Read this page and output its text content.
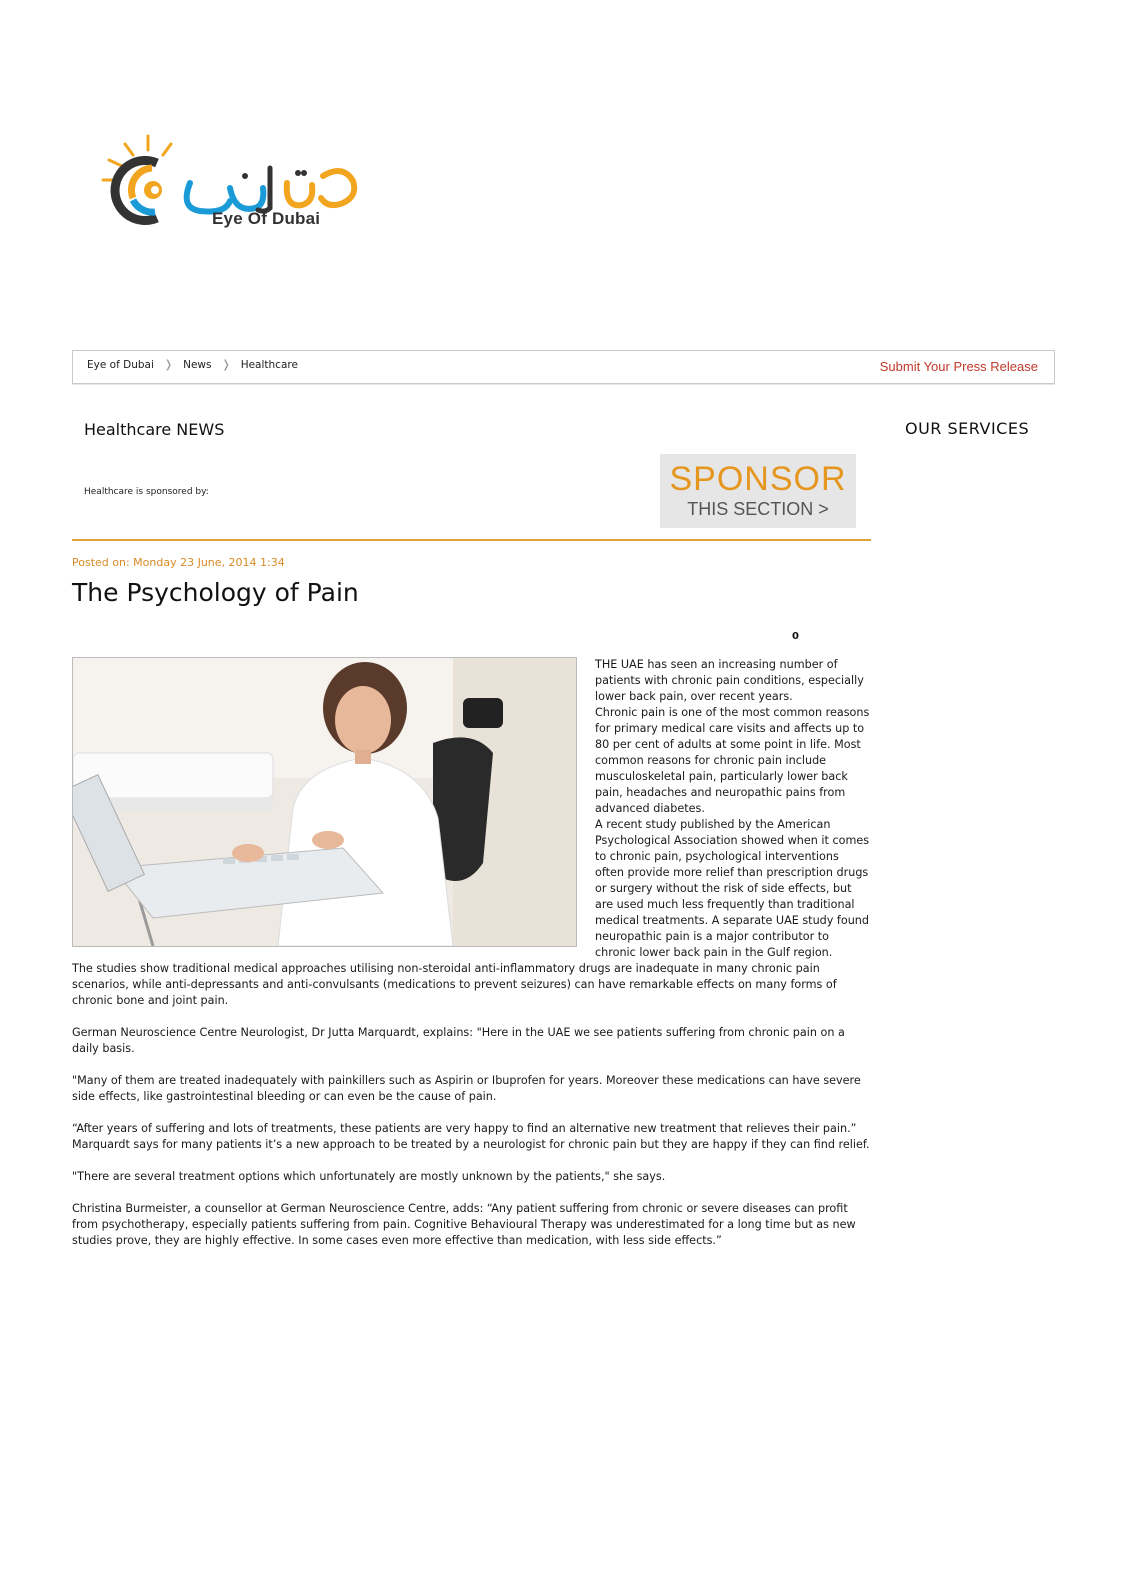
Eye Of Dubai
Eye of Dubai ❭ News ❭ Healthcare	Submit Your Press Release
Healthcare NEWS	OUR SERVICES
Healthcare is sponsored by:	SPONSOR
THIS SECTION >
Posted on: Monday 23 June, 2014 1:34
The Psychology of Pain
0

THE UAE has seen an increasing number of patients with chronic pain conditions, especially lower back pain, over recent years.

Chronic pain is one of the most common reasons for primary medical care visits and affects up to 80 per cent of adults at some point in life. Most common reasons for chronic pain include musculoskeletal pain, particularly lower back pain, headaches and neuropathic pains from advanced diabetes.

A recent study published by the American Psychological Association showed when it comes to chronic pain, psychological interventions often provide more relief than prescription drugs or surgery without the risk of side effects, but are used much less frequently than traditional medical treatments. A separate UAE study found neuropathic pain is a major contributor to chronic lower back pain in the Gulf region.

The studies show traditional medical approaches utilising non-steroidal anti-inflammatory drugs are inadequate in many chronic pain scenarios, while anti-depressants and anti-convulsants (medications to prevent seizures) can have remarkable effects on many forms of chronic bone and joint pain.

German Neuroscience Centre Neurologist, Dr Jutta Marquardt, explains: "Here in the UAE we see patients suffering from chronic pain on a daily basis.

"Many of them are treated inadequately with painkillers such as Aspirin or Ibuprofen for years. Moreover these medications can have severe side effects, like gastrointestinal bleeding or can even be the cause of pain.

“After years of suffering and lots of treatments, these patients are very happy to find an alternative new treatment that relieves their pain.” Marquardt says for many patients it’s a new approach to be treated by a neurologist for chronic pain but they are happy if they can find relief.

"There are several treatment options which unfortunately are mostly unknown by the patients," she says.

Christina Burmeister, a counsellor at German Neuroscience Centre, adds: “Any patient suffering from chronic or severe diseases can profit from psychotherapy, especially patients suffering from pain. Cognitive Behavioural Therapy was underestimated for a long time but as new studies prove, they are highly effective. In some cases even more effective than medication, with less side effects.”
